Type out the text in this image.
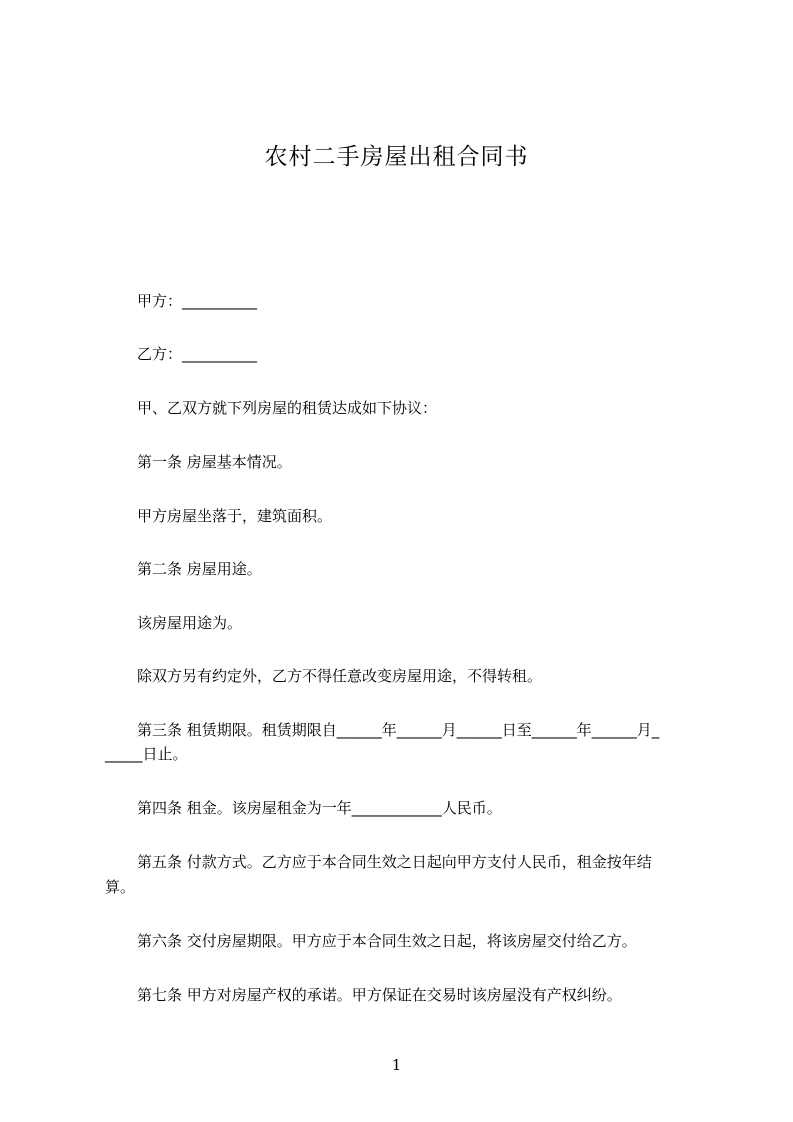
农村二手房屋出租合同书
甲方：__________
乙方：__________
甲、乙双方就下列房屋的租赁达成如下协议：
第一条 房屋基本情况。
甲方房屋坐落于，建筑面积。
第二条 房屋用途。
该房屋用途为。
除双方另有约定外，乙方不得任意改变房屋用途，不得转租。
第三条 租赁期限。租赁期限自______年______月______日至______年______月_
_____日止。
第四条 租金。该房屋租金为一年____________人民币。
第五条 付款方式。乙方应于本合同生效之日起向甲方支付人民币，租金按年结
算。
第六条 交付房屋期限。甲方应于本合同生效之日起，将该房屋交付给乙方。
第七条 甲方对房屋产权的承诺。甲方保证在交易时该房屋没有产权纠纷。
1
